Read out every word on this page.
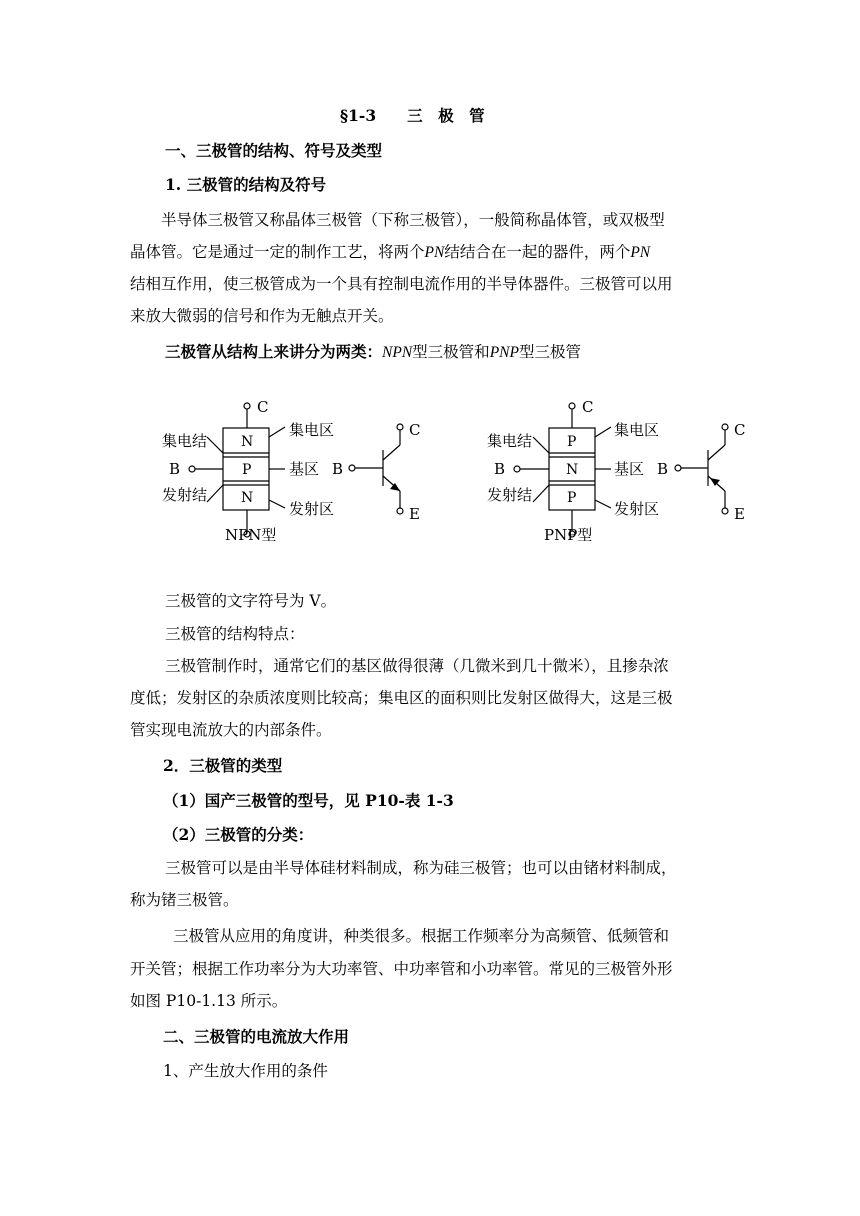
§1-3　　三　极　管
一、三极管的结构、符号及类型
1. 三极管的结构及符号
　　半导体三极管又称晶体三极管（下称三极管），一般简称晶体管，或双极型
晶体管。它是通过一定的制作工艺，将两个PN结结合在一起的器件，两个PN
结相互作用，使三极管成为一个具有控制电流作用的半导体器件。三极管可以用
来放大微弱的信号和作为无触点开关。
三极管从结构上来讲分为两类：NPN型三极管和PNP型三极管
C
N
P
N
B
集电结
发射结
集电区
基区
发射区
NPN型
C
B
E
C
P
N
P
B
集电结
发射结
集电区
基区
发射区
PNP型
C
B
E
三极管的文字符号为 V。
三极管的结构特点：
三极管制作时，通常它们的基区做得很薄（几微米到几十微米），且掺杂浓
度低；发射区的杂质浓度则比较高；集电区的面积则比发射区做得大，这是三极
管实现电流放大的内部条件。
2．三极管的类型
（1）国产三极管的型号，见 P10-表 1-3
（2）三极管的分类：
三极管可以是由半导体硅材料制成，称为硅三极管；也可以由锗材料制成，
称为锗三极管。
三极管从应用的角度讲，种类很多。根据工作频率分为高频管、低频管和
开关管；根据工作功率分为大功率管、中功率管和小功率管。常见的三极管外形
如图 P10-1.13 所示。
二、三极管的电流放大作用
1、产生放大作用的条件
